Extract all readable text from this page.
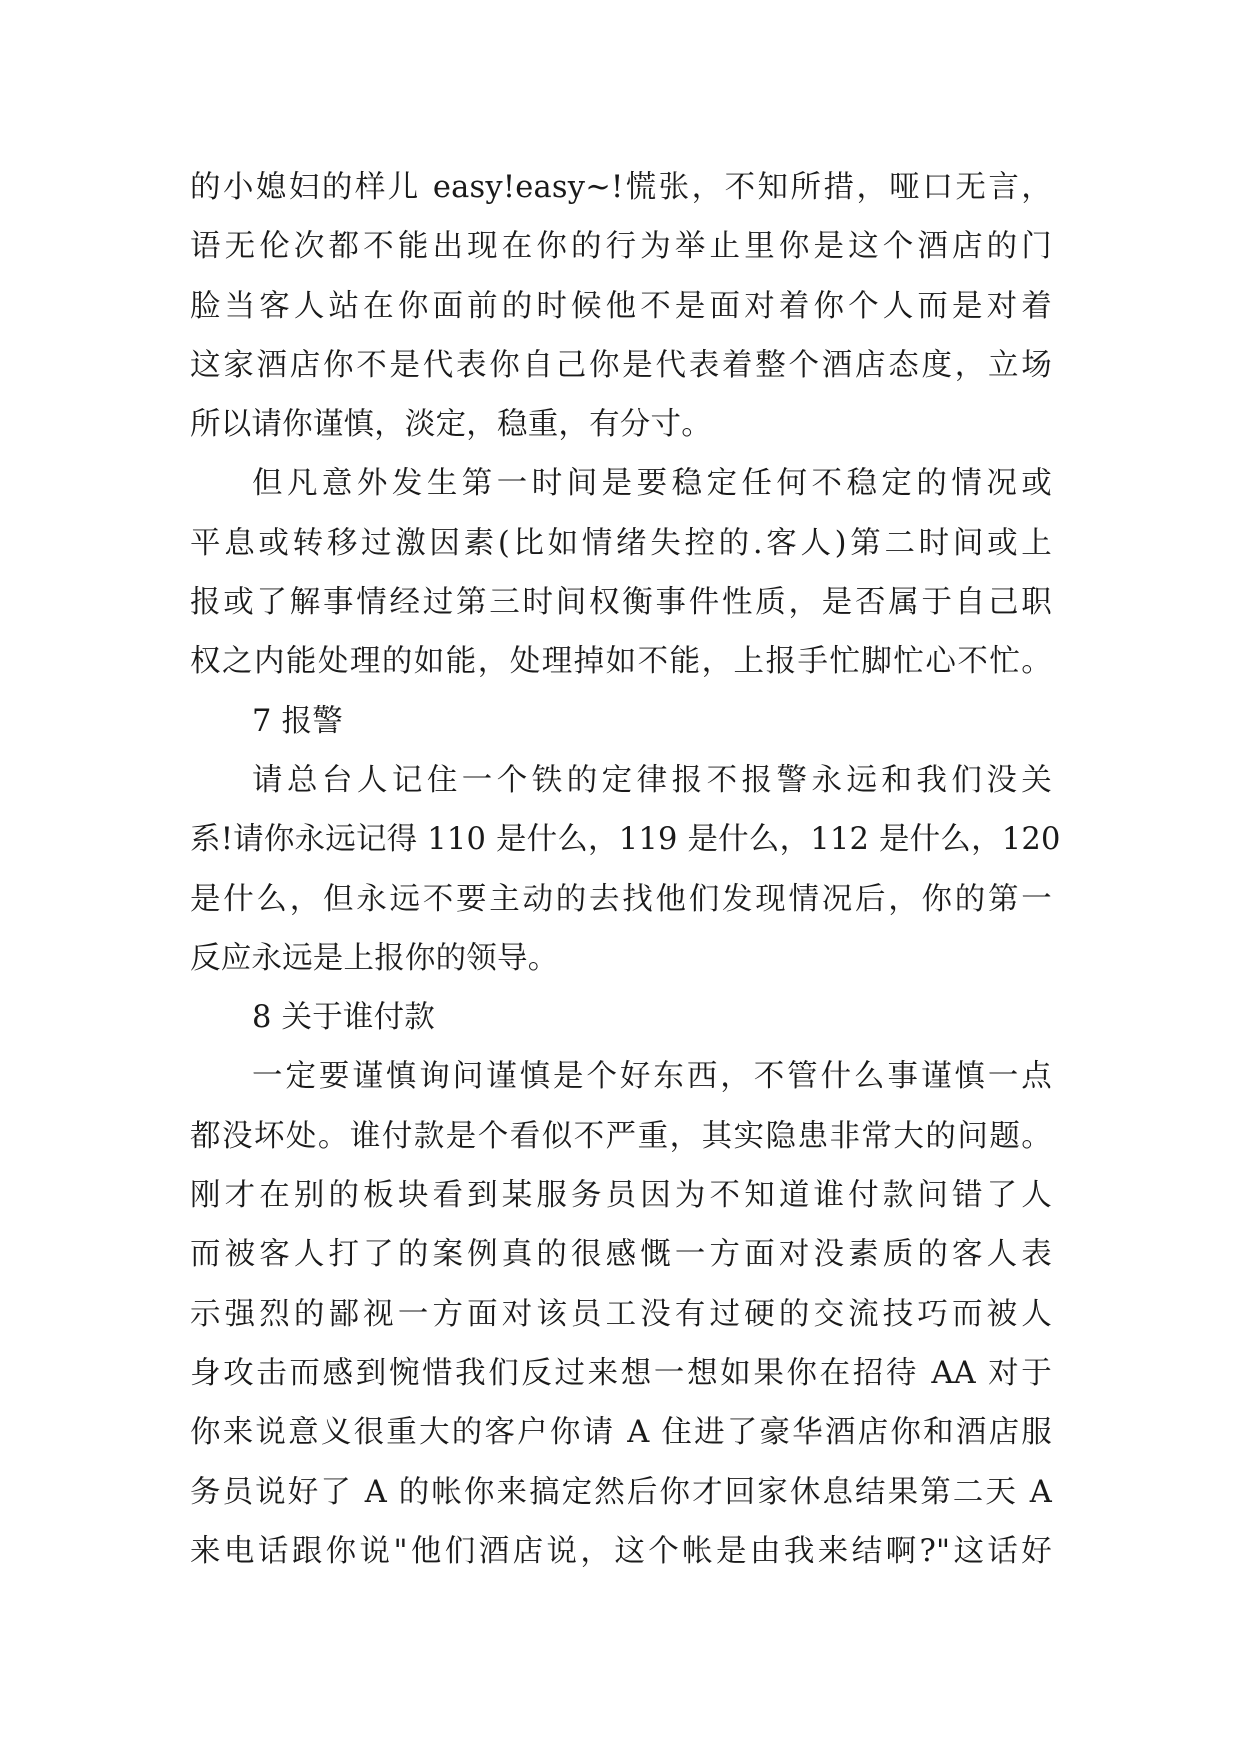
的小媳妇的样儿 easy!easy~!慌张，不知所措，哑口无言，
语无伦次都不能出现在你的行为举止里你是这个酒店的门
脸当客人站在你面前的时候他不是面对着你个人而是对着
这家酒店你不是代表你自己你是代表着整个酒店态度，立场
所以请你谨慎，淡定，稳重，有分寸。
但凡意外发生第一时间是要稳定任何不稳定的情况或
平息或转移过激因素(比如情绪失控的.客人)第二时间或上
报或了解事情经过第三时间权衡事件性质，是否属于自己职
权之内能处理的如能，处理掉如不能，上报手忙脚忙心不忙。
7 报警
请总台人记住一个铁的定律报不报警永远和我们没关
系!请你永远记得 110 是什么，119 是什么，112 是什么，120
是什么，但永远不要主动的去找他们发现情况后，你的第一
反应永远是上报你的领导。
8 关于谁付款
一定要谨慎询问谨慎是个好东西，不管什么事谨慎一点
都没坏处。谁付款是个看似不严重，其实隐患非常大的问题。
刚才在别的板块看到某服务员因为不知道谁付款问错了人
而被客人打了的案例真的很感慨一方面对没素质的客人表
示强烈的鄙视一方面对该员工没有过硬的交流技巧而被人
身攻击而感到惋惜我们反过来想一想如果你在招待 AA 对于
你来说意义很重大的客户你请 A 住进了豪华酒店你和酒店服
务员说好了 A 的帐你来搞定然后你才回家休息结果第二天 A
来电话跟你说"他们酒店说，这个帐是由我来结啊?"这话好
